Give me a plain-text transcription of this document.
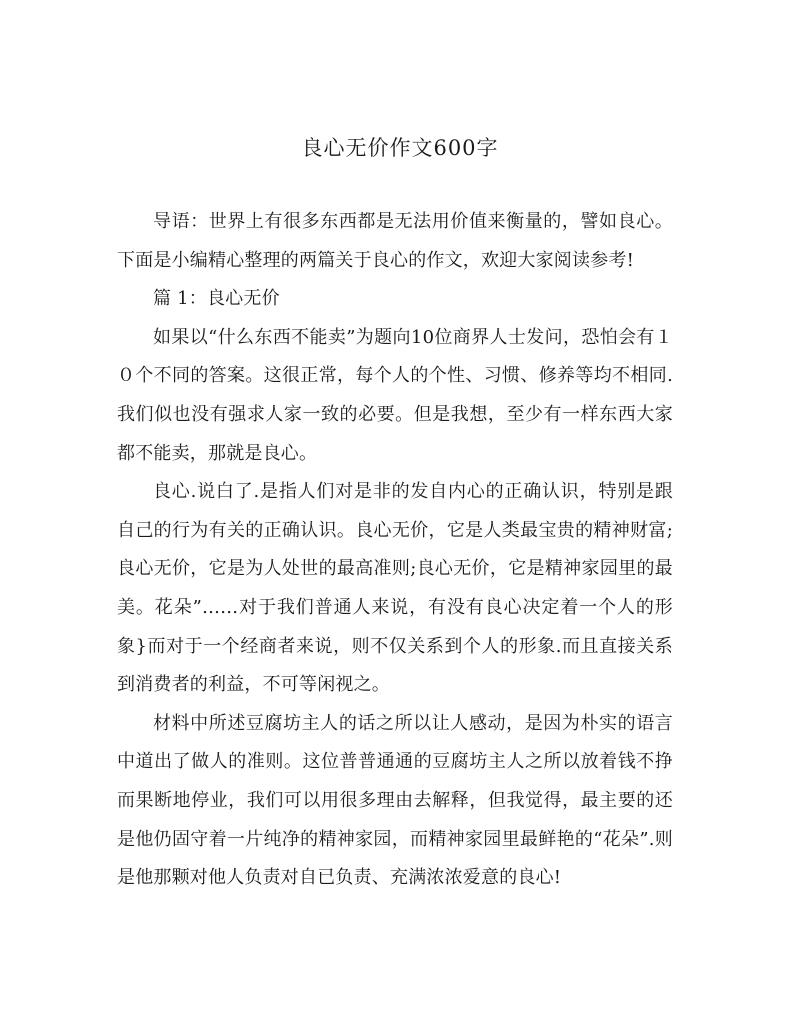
良心无价作文600字

导语：世界上有很多东西都是无法用价值来衡量的，譬如良心。下面是小编精心整理的两篇关于良心的作文，欢迎大家阅读参考!

篇 1：良心无价

如果以“什么东西不能卖”为题向10位商界人士发问，恐怕会有１０个不同的答案。这很正常，每个人的个性、习惯、修养等均不相同.我们似也没有强求人家一致的必要。但是我想，至少有一样东西大家都不能卖，那就是良心。

良心.说白了.是指人们对是非的发自内心的正确认识，特别是跟自己的行为有关的正确认识。良心无价，它是人类最宝贵的精神财富;良心无价，它是为人处世的最高准则;良心无价，它是精神家园里的最美。花朵”……对于我们普通人来说，有没有良心决定着一个人的形象}而对于一个经商者来说，则不仅关系到个人的形象.而且直接关系到消费者的利益，不可等闲视之。

材料中所述豆腐坊主人的话之所以让人感动，是因为朴实的语言中道出了做人的准则。这位普普通通的豆腐坊主人之所以放着钱不挣而果断地停业，我们可以用很多理由去解释，但我觉得，最主要的还是他仍固守着一片纯净的精神家园，而精神家园里最鲜艳的“花朵”.则是他那颗对他人负责对自已负责、充满浓浓爱意的良心!
